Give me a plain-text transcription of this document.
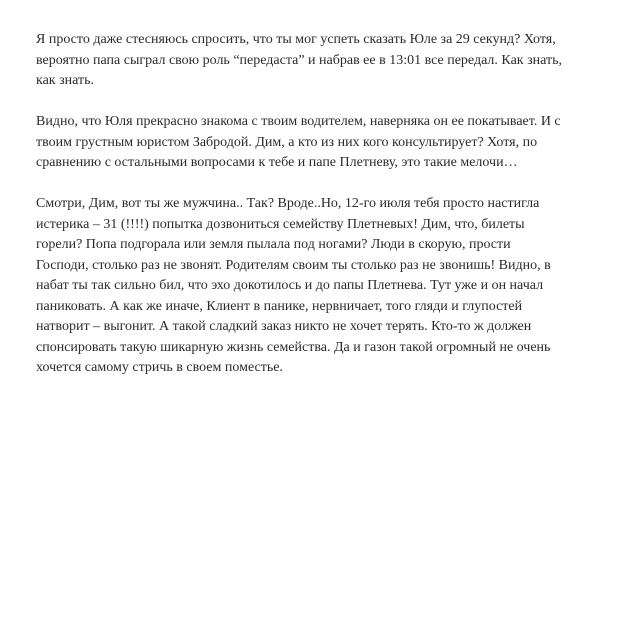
Я просто даже стесняюсь спросить, что ты мог успеть сказать Юле за 29 секунд? Хотя, вероятно папа сыграл свою роль “передаста” и набрав ее в 13:01 все передал. Как знать, как знать.

Видно, что Юля прекрасно знакома с твоим водителем, наверняка он ее покатывает. И с твоим грустным юристом Забродой. Дим, а кто из них кого консультирует? Хотя, по сравнению с остальными вопросами к тебе и папе Плетневу, это такие мелочи…

Смотри, Дим, вот ты же мужчина.. Так? Вроде..Но, 12-го июля тебя просто настигла истерика – 31 (!!!!) попытка дозвониться семейству Плетневых! Дим, что, билеты горели? Попа подгорала или земля пылала под ногами? Люди в скорую, прости Господи, столько раз не звонят. Родителям своим ты столько раз не звонишь! Видно, в набат ты так сильно бил, что эхо докотилось и до папы Плетнева. Тут уже и он начал паниковать. А как же иначе, Клиент в панике, нервничает, того гляди и глупостей натворит – выгонит. А такой сладкий заказ никто не хочет терять. Кто-то ж должен спонсировать такую шикарную жизнь семейства. Да и газон такой огромный не очень хочется самому стричь в своем поместье.
